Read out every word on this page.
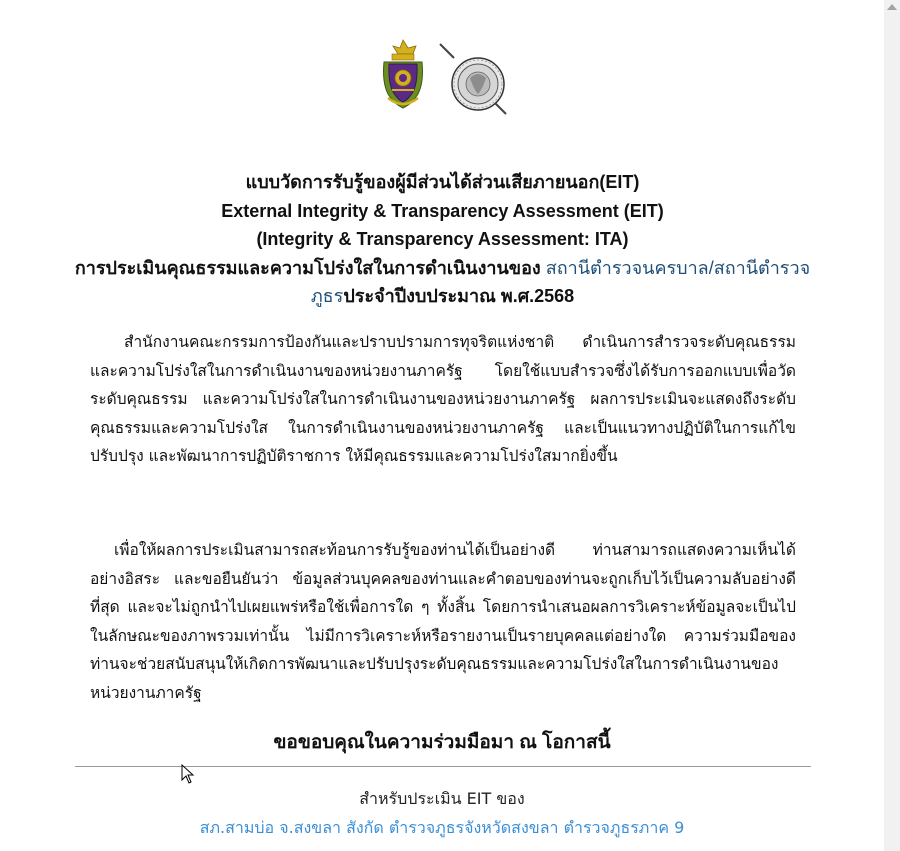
แบบวัดการรับรู้ของผู้มีส่วนได้ส่วนเสียภายนอก(EIT)
External Integrity & Transparency Assessment (EIT)
(Integrity & Transparency Assessment: ITA)
การประเมินคุณธรรมและความโปร่งใสในการดำเนินงานของ สถานีตำรวจนครบาล/สถานีตำรวจภูธรประจำปีงบประมาณ พ.ศ.2568
สำนักงานคณะกรรมการป้องกันและปราบปรามการทุจริตแห่งชาติ ดำเนินการสำรวจระดับคุณธรรม และความโปร่งใสในการดำเนินงานของหน่วยงานภาครัฐ โดยใช้แบบสำรวจซึ่งได้รับการออกแบบเพื่อวัดระดับคุณธรรม และความโปร่งใสในการดำเนินงานของหน่วยงานภาครัฐ ผลการประเมินจะแสดงถึงระดับคุณธรรมและความโปร่งใส ในการดำเนินงานของหน่วยงานภาครัฐ และเป็นแนวทางปฏิบัติในการแก้ไข ปรับปรุง และพัฒนาการปฏิบัติราชการ ให้มีคุณธรรมและความโปร่งใสมากยิ่งขึ้น
เพื่อให้ผลการประเมินสามารถสะท้อนการรับรู้ของท่านได้เป็นอย่างดี ท่านสามารถแสดงความเห็นได้อย่างอิสระ และขอยืนยันว่า ข้อมูลส่วนบุคคลของท่านและคำตอบของท่านจะถูกเก็บไว้เป็นความลับอย่างดีที่สุด และจะไม่ถูกนำไปเผยแพร่หรือใช้เพื่อการใด ๆ ทั้งสิ้น โดยการนำเสนอผลการวิเคราะห์ข้อมูลจะเป็นไปในลักษณะของภาพรวมเท่านั้น ไม่มีการวิเคราะห์หรือรายงานเป็นรายบุคคลแต่อย่างใด ความร่วมมือของท่านจะช่วยสนับสนุนให้เกิดการพัฒนาและปรับปรุงระดับคุณธรรมและความโปร่งใสในการดำเนินงานของหน่วยงานภาครัฐ
ขอขอบคุณในความร่วมมือมา ณ โอกาสนี้
สำหรับประเมิน EIT ของ
สภ.สามบ่อ จ.สงขลา สังกัด ตำรวจภูธรจังหวัดสงขลา ตำรวจภูธรภาค 9
